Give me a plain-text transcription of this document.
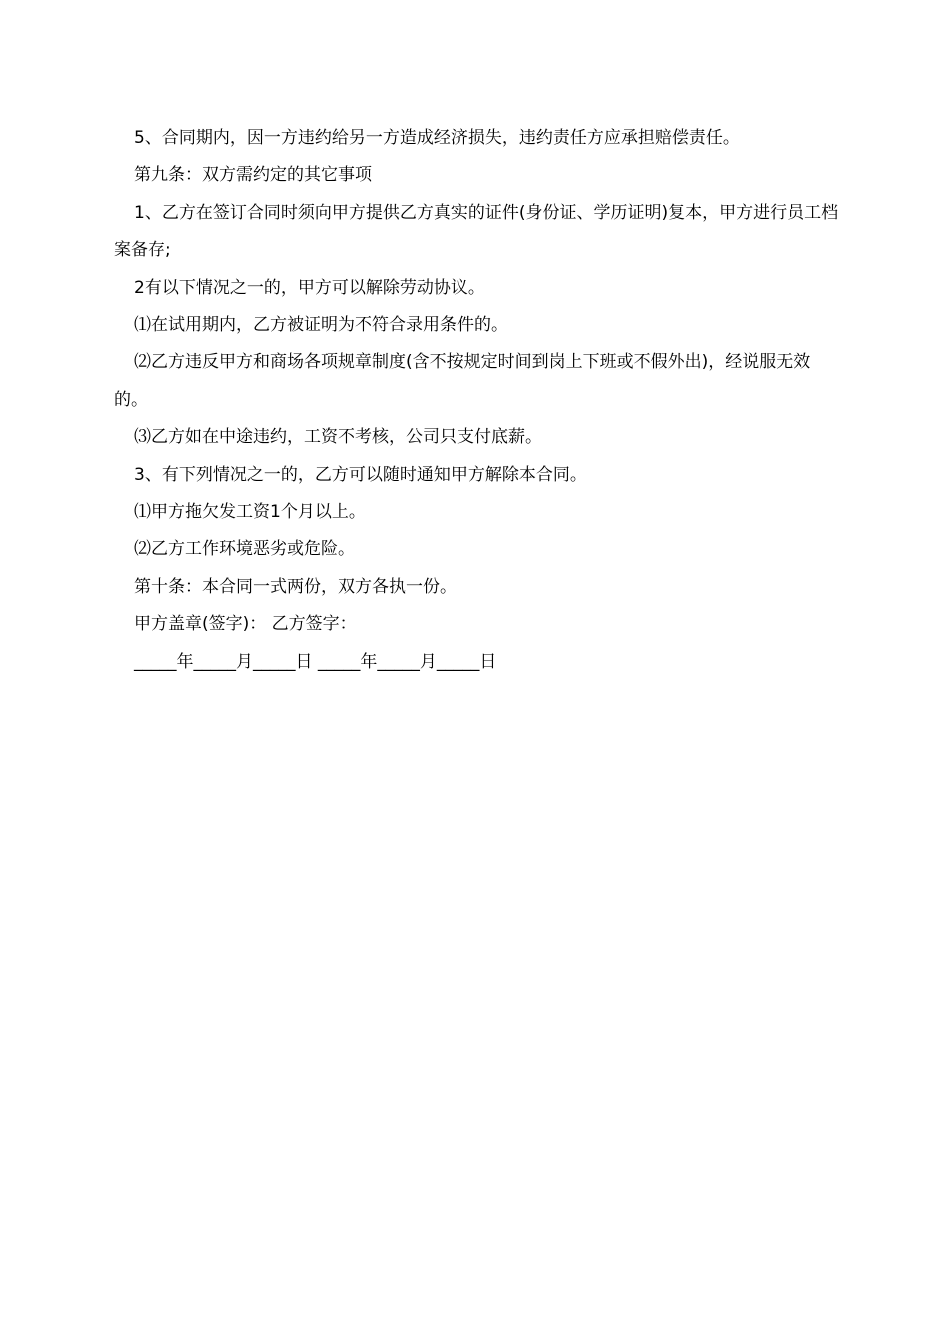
5、合同期内，因一方违约给另一方造成经济损失，违约责任方应承担赔偿责任。

第九条：双方需约定的其它事项

1、乙方在签订合同时须向甲方提供乙方真实的证件(身份证、学历证明)复本，甲方进行员工档案备存;

2有以下情况之一的，甲方可以解除劳动协议。

⑴在试用期内，乙方被证明为不符合录用条件的。

⑵乙方违反甲方和商场各项规章制度(含不按规定时间到岗上下班或不假外出)，经说服无效的。

⑶乙方如在中途违约，工资不考核，公司只支付底薪。

3、有下列情况之一的，乙方可以随时通知甲方解除本合同。

⑴甲方拖欠发工资1个月以上。

⑵乙方工作环境恶劣或危险。

第十条：本合同一式两份，双方各执一份。

甲方盖章(签字)： 乙方签字：

_____年_____月_____日 _____年_____月_____日
